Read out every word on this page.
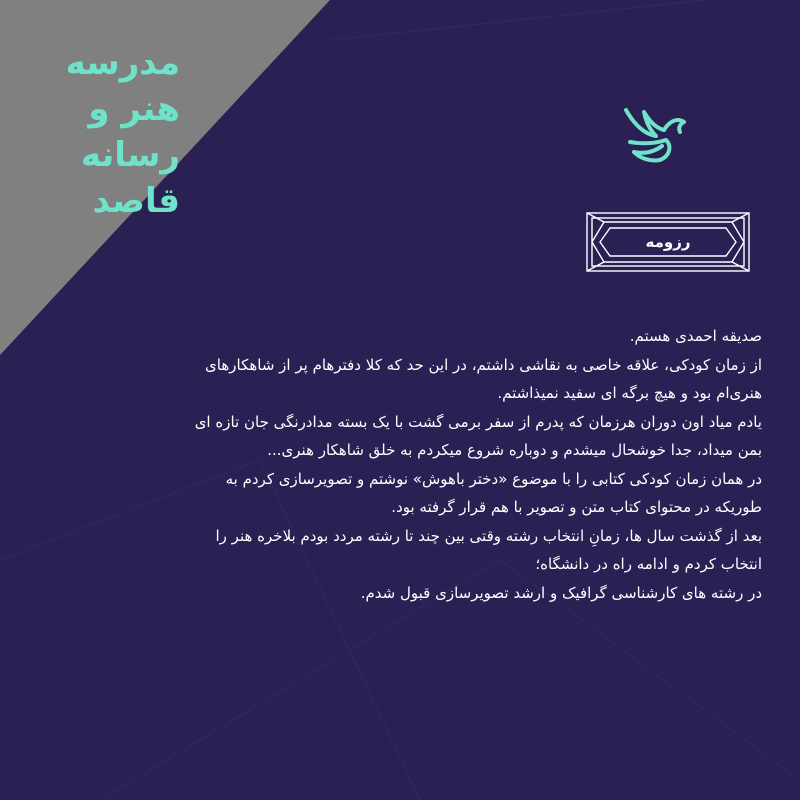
مدرسه
هنر و
رسانه
قاصد
رزومه
صدیقه احمدی هستم.
از زمان کودکی، علاقه خاصی به نقاشی داشتم، در این حد که کلا دفترهام پر از شاهکارهای
هنری‌ام بود و هیچ برگه ای سفید نمیذاشتم.
یادم میاد اون دوران هرزمان که پدرم از سفر برمی گشت با یک بسته مدادرنگی جان تازه ای
بمن میداد، جدا خوشحال میشدم و دوباره شروع میکردم به خلق شاهکار هنری...
در همان زمان کودکی کتابی را با موضوع «دختر باهوش» نوشتم و تصویرسازی کردم به
طوریکه در محتوای کتاب متن و تصویر با هم قرار گرفته بود.
بعد از گذشت سال ها، زمانِ انتخاب رشته وقتی بین چند تا رشته مردد بودم بلاخره هنر را
انتخاب کردم و ادامه راه در دانشگاه؛
در رشته های کارشناسی گرافیک و ارشد تصویرسازی قبول شدم.
